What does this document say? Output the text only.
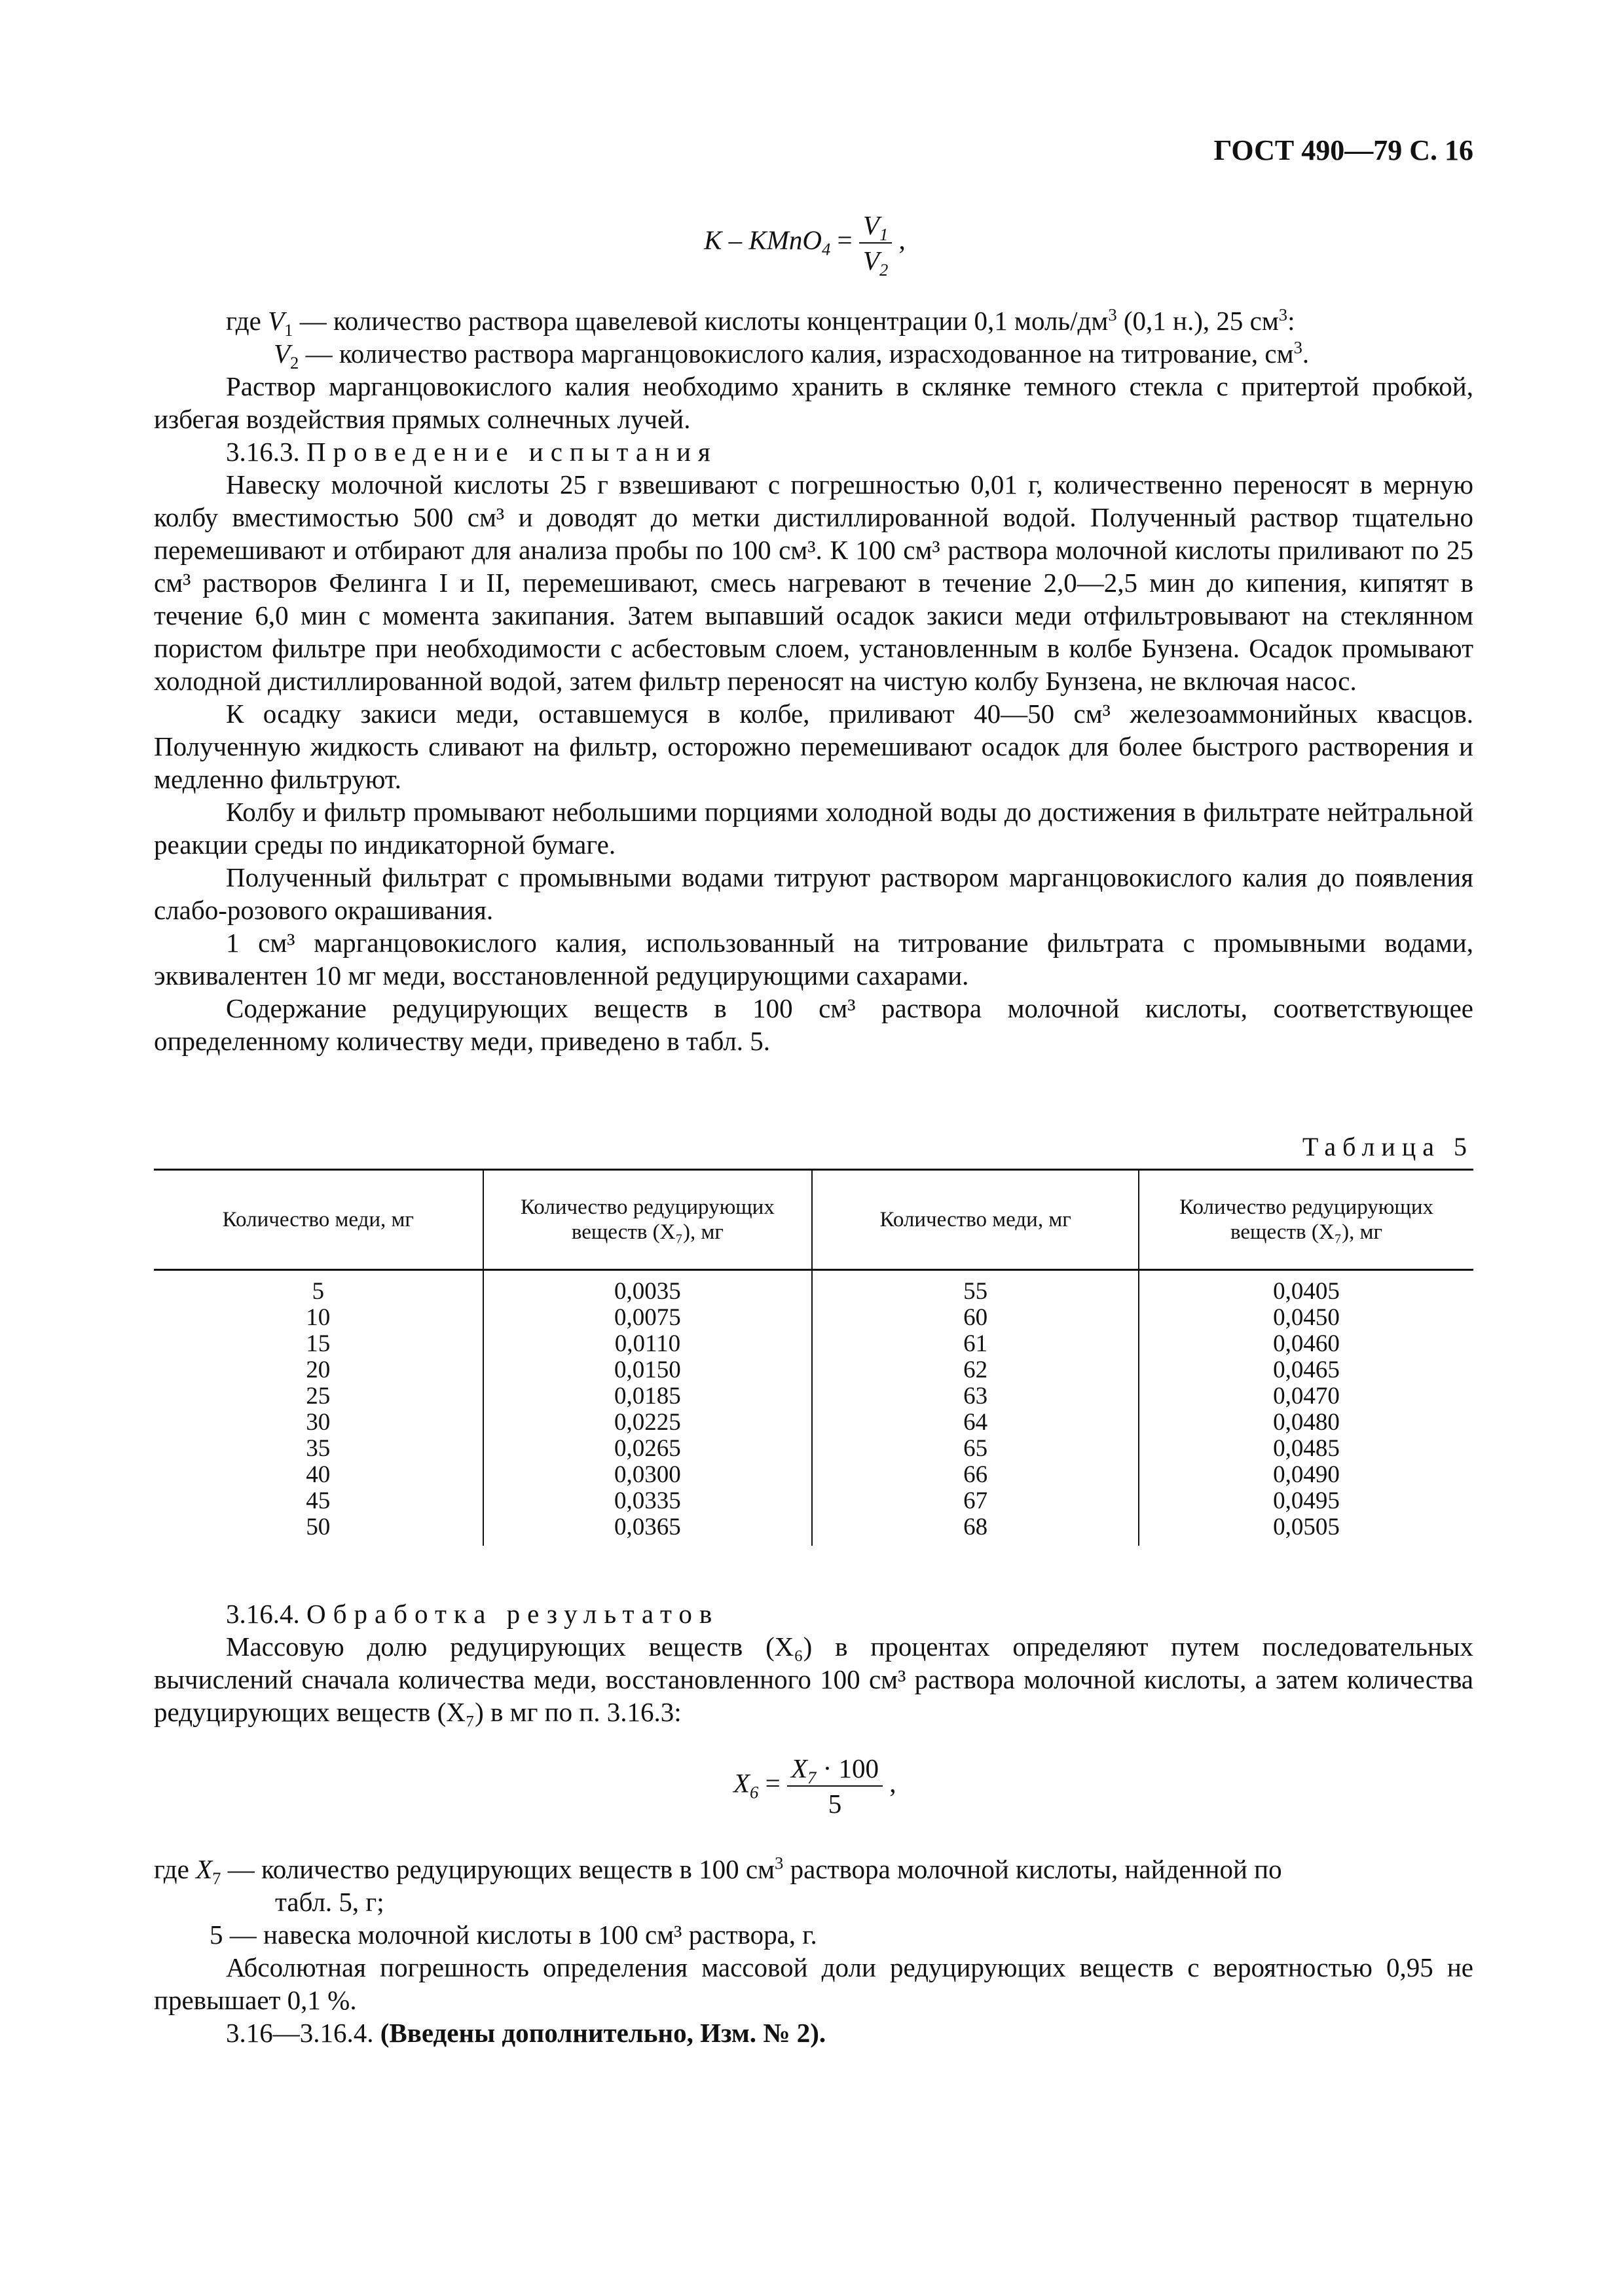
ГОСТ 490—79 С. 16
K – KMnO$_4$ = $\frac{V_1}{V_2}$ ,

где $V_1$ — количество раствора щавелевой кислоты концентрации 0,1 моль/$дм^3$ (0,1 н.), 25 $см^3$:

$V_2$ — количество раствора марганцовокислого калия, израсходованное на титрование, $см^3$.

Раствор марганцовокислого калия необходимо хранить в склянке темного стекла с притертой пробкой, избегая воздействия прямых солнечных лучей.

3.16.3. Проведение испытания

Навеску молочной кислоты 25 г взвешивают с погрешностью 0,01 г, количественно переносят в мерную колбу вместимостью 500 см³ и доводят до метки дистиллированной водой. Полученный раствор тщательно перемешивают и отбирают для анализа пробы по 100 см³. К 100 см³ раствора молочной кислоты приливают по 25 см³ растворов Фелинга I и II, перемешивают, смесь нагревают в течение 2,0—2,5 мин до кипения, кипятят в течение 6,0 мин с момента закипания. Затем выпавший осадок закиси меди отфильтровывают на стеклянном пористом фильтре при необходимости с асбестовым слоем, установленным в колбе Бунзена. Осадок промывают холодной дистиллированной водой, затем фильтр переносят на чистую колбу Бунзена, не включая насос.

К осадку закиси меди, оставшемуся в колбе, приливают 40—50 см³ железоаммонийных квасцов. Полученную жидкость сливают на фильтр, осторожно перемешивают осадок для более быстрого растворения и медленно фильтруют.

Колбу и фильтр промывают небольшими порциями холодной воды до достижения в фильтрате нейтральной реакции среды по индикаторной бумаге.

Полученный фильтрат с промывными водами титруют раствором марганцовокислого калия до появления слабо-розового окрашивания.

1 см³ марганцовокислого калия, использованный на титрование фильтрата с промывными водами, эквивалентен 10 мг меди, восстановленной редуцирующими сахарами.

Содержание редуцирующих веществ в 100 см³ раствора молочной кислоты, соответствующее определенному количеству меди, приведено в табл. 5.

Таблица 5
Количество меди, мг	Количество редуцирующих веществ (X₇), мг	Количество меди, мг	Количество редуцирующих веществ (X₇), мг
5	0,0035	55	0,0405
10	0,0075	60	0,0450
15	0,0110	61	0,0460
20	0,0150	62	0,0465
25	0,0185	63	0,0470
30	0,0225	64	0,0480
35	0,0265	65	0,0485
40	0,0300	66	0,0490
45	0,0335	67	0,0495
50	0,0365	68	0,0505

3.16.4. Обработка результатов

Массовую долю редуцирующих веществ (X₆) в процентах определяют путем последовательных вычислений сначала количества меди, восстановленного 100 см³ раствора молочной кислоты, а затем количества редуцирующих веществ (X₇) в мг по п. 3.16.3:

$X_6 = \frac{X_7 \cdot 100}{5}$ ,

где $X_7$ — количество редуцирующих веществ в 100 $см^3$ раствора молочной кислоты, найденной по

табл. 5, г;

5 — навеска молочной кислоты в 100 см³ раствора, г.

Абсолютная погрешность определения массовой доли редуцирующих веществ с вероятностью 0,95 не превышает 0,1 %.

3.16—3.16.4. (Введены дополнительно, Изм. № 2).
